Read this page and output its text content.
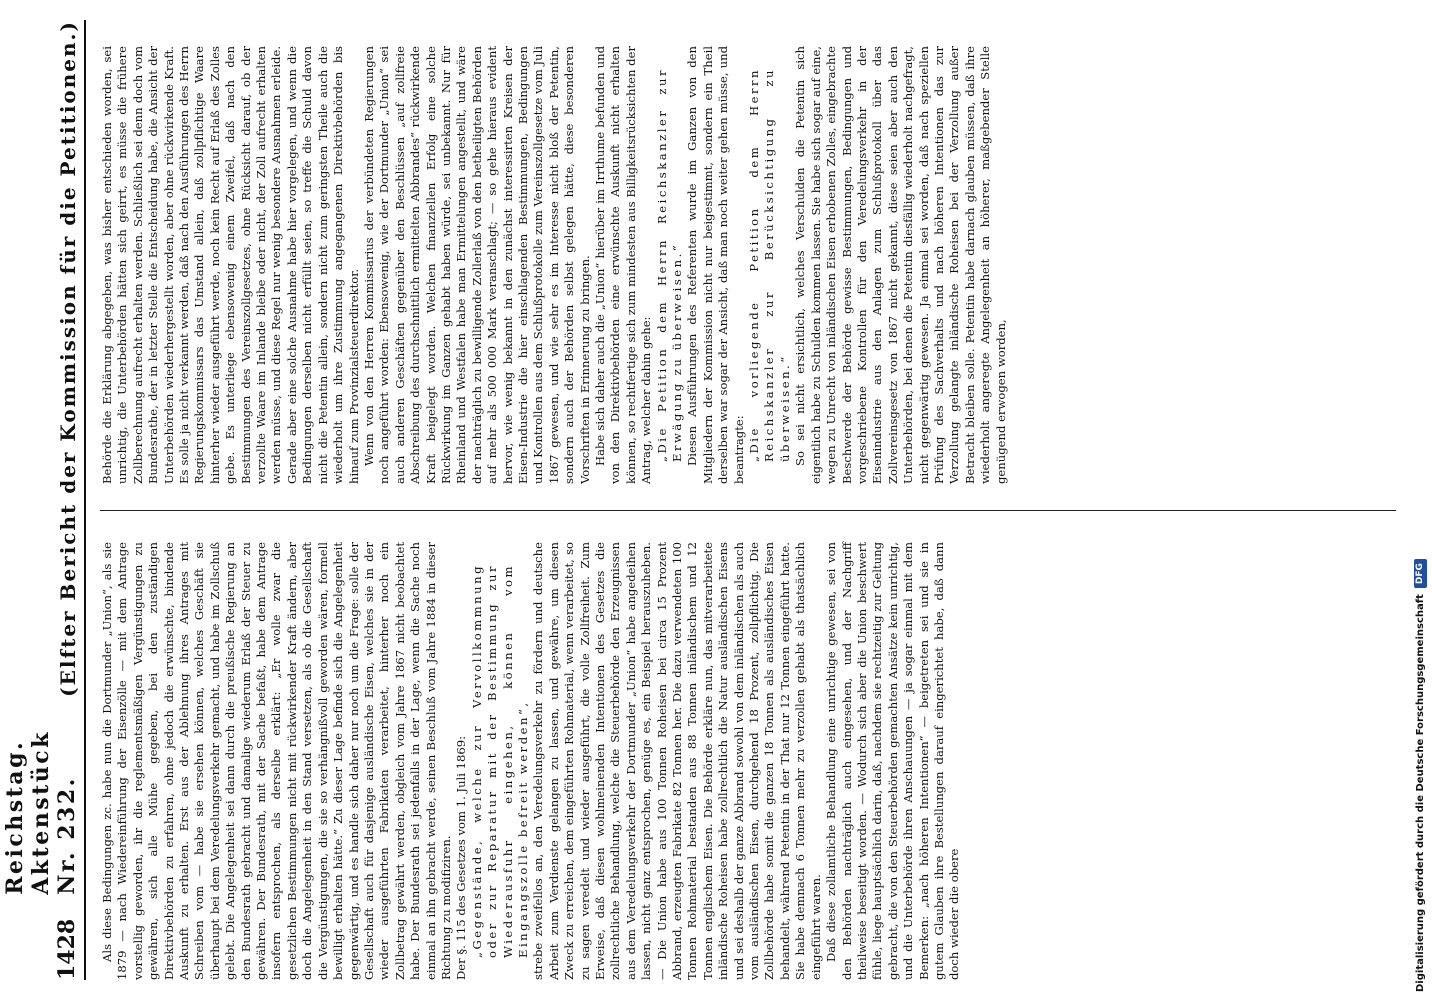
1428
Reichstag. Aktenstück Nr. 232.
(Elfter Bericht der Kommission für die Petitionen.)

Als diese Bedingungen zc. habe nun die Dortmunder „Union“, als sie 1879 — nach Wiedereinführung der Eisenzölle — mit dem Antrage vorstellig geworden, ihr die reglementsmäßigen Vergünstigungen zu gewähren, sich alle Mühe gegeben, bei den zuständigen Direktivbehörden zu erfahren, ohne jedoch die erwünschte, bindende Auskunft zu erhalten. Erst aus der Ablehnung ihres Antrages mit Schreiben vom — habe sie ersehen können, welches Geschäft sie überhaupt bei dem Veredelungsverkehr gemacht, und habe im Zollschuß gelebt. Die Angelegenheit sei dann durch die preußische Regierung an den Bundesrath gebracht und damalige wiederum Erlaß der Steuer zu gewähren. Der Bundesrath, mit der Sache befaßt, habe dem Antrage insofern entsprochen, als derselbe erklärt: „Er wolle zwar die gesetzlichen Bestimmungen nicht mit rückwirkender Kraft ändern, aber doch die Angelegenheit in den Stand versetzen, als ob die Gesellschaft die Vergünstigungen, die sie so verhängnißvoll geworden wären, formell bewilligt erhalten hätte.“ Zu dieser Lage befinde sich die Angelegenheit gegenwärtig, und es handle sich daher nur noch um die Frage: solle der Gesellschaft auch für dasjenige ausländische Eisen, welches sie in der wieder ausgeführten Fabrikaten verarbeitet, hinterher noch ein Zollbetrag gewährt werden, obgleich vom Jahre 1867 nicht beobachtet habe. Der Bundesrath sei jedenfalls in der Lage, wenn die Sache noch einmal an ihn gebracht werde, seinen Beschluß vom Jahre 1884 in dieser Richtung zu modifiziren. Der §. 115 des Gesetzes vom 1. Juli 1869: „Gegenstände, welche zur Vervollkommnung oder zur Reparatur mit der Bestimmung zur Wiederausfuhr eingehen, können vom Eingangszolle befreit werden“, strebe zweifellos an, den Veredelungsverkehr zu fördern und deutsche Arbeit zum Verdienste gelangen zu lassen, und gewähre, um diesen Zweck zu erreichen, dem eingeführten Rohmaterial, wenn verarbeitet, so zu sagen veredelt und wieder ausgeführt, die volle Zollfreiheit. Zum Erweise, daß diesen wohlmeinenden Intentionen des Gesetzes die zollrechtliche Behandlung, welche die Steuerbehörde den Erzeugnissen aus dem Veredelungsverkehr der Dortmunder „Union“ habe angedeihen lassen, nicht ganz entsprochen, genüge es, ein Beispiel herauszuheben. — Die Union habe aus 100 Tonnen Roheisen bei circa 15 Prozent Abbrand, erzeugten Fabrikate 82 Tonnen her. Die dazu verwendeten 100 Tonnen Rohmaterial bestanden aus 88 Tonnen inländischem und 12 Tonnen englischem Eisen. Die Behörde erkläre nun, das mitverarbeitete inländische Roheisen habe zollrechtlich die Natur ausländischen Eisens und sei deshalb der ganze Abbrand sowohl von dem inländischen als auch vom ausländischen Eisen, durchgehend 18 Prozent, zollpflichtig. Die Zollbehörde habe somit die ganzen 18 Tonnen als ausländisches Eisen behandelt, während Petentin in der That nur 12 Tonnen eingeführt hatte. Sie habe demnach 6 Tonnen mehr zu verzollen gehabt als thatsächlich eingeführt waren. Daß diese zollamtliche Behandlung eine unrichtige gewesen, sei von den Behörden nachträglich auch eingesehen, und der Nachgriff theilweise beseitigt worden. — Wodurch sich aber die Union beschwert fühle, liege hauptsächlich darin, daß, nachdem sie rechtzeitig zur Geltung gebracht, die von den Steuerbehörden gemachten Ansätze kein unrichtig, und die Unterbehörde ihren Anschauungen — ja sogar einmal mit dem Bemerken: „nach höheren Intentionen“ — beigetreten sei und sie in gutem Glauben ihre Bestellungen darauf eingerichtet habe, daß dann doch wieder die obere

Behörde die Erklärung abgegeben, was bisher entschieden worden, sei unrichtig, die Unterbehörden hätten sich geirrt, es müsse die frühere Zollberechnung aufrecht erhalten werden. Schließlich sei denn doch vom Bundesrathe, der in letzter Stelle die Entscheidung habe, die Ansicht der Unterbehörden wiederhergestellt worden, aber ohne rückwirkende Kraft. Es solle ja nicht verkannt werden, daß nach den Ausführungen des Herrn Regierungskommissars das Umstand allein, daß zollpflichtige Waare hinterher wieder ausgeführt werde, noch kein Recht auf Erlaß des Zolles gebe. Es unterliege ebensowenig einem Zweifel, daß nach den Bestimmungen des Vereinszollgesetzes, ohne Rücksicht darauf, ob der verzollte Waare im Inlande bleibe oder nicht, der Zoll aufrecht erhalten werden müsse, und diese Regel nur wenig besondere Ausnahmen erleide. Gerade aber eine solche Ausnahme habe hier vorgelegen, und wenn die Bedingungen derselben nicht erfüllt seien, so treffe die Schuld davon nicht die Petentin allein, sondern nicht zum geringsten Theile auch die wiederholt um ihre Zustimmung angegangenen Direktivbehörden bis hinauf zum Provinzialsteuerdirektor. Wenn von den Herren Kommissarius der verbündeten Regierungen noch angeführt worden: Ebensowenig, wie der Dortmunder „Union“ sei auch anderen Geschäften gegenüber den Beschlüssen „auf zollfreie Abschreibung des durchschnittlich ermittelten Abbrandes“ rückwirkende Kraft beigelegt worden. Welchen finanziellen Erfolg eine solche Rückwirkung im Ganzen gehabt haben würde, sei unbekannt. Nur für Rheinland und Westfalen habe man Ermittelungen angestellt, und wäre der nachträglich zu bewilligende Zollerlaß von den betheiligten Behörden auf mehr als 500 000 Mark veranschlagt; — so gehe hieraus evident hervor, wie wenig bekannt in den zunächst interessirten Kreisen der Eisen-Industrie die hier einschlagenden Bestimmungen, Bedingungen und Kontrollen aus dem Schlußprotokolle zum Vereinszollgesetze vom Juli 1867 gewesen, und wie sehr es im Interesse nicht bloß der Petentin, sondern auch der Behörden selbst gelegen hätte, diese besonderen Vorschriften in Erinnerung zu bringen. Habe sich daher auch die „Union“ hierüber im Irrthume befunden und von den Direktivbehörden eine erwünschte Auskunft nicht erhalten können, so rechtfertige sich zum mindesten aus Billigkeitsrücksichten der Antrag, welcher dahin gehe: „Die Petition dem Herrn Reichskanzler zur Erwägung zu überweisen.“ Diesen Ausführungen des Referenten wurde im Ganzen von den Mitgliedern der Kommission nicht nur beigestimmt, sondern ein Theil derselben war sogar der Ansicht, daß man noch weiter gehen müsse, und beantragte: „Die vorliegende Petition dem Herrn Reichskanzler zur Berücksichtigung zu überweisen.“ So sei nicht ersichtlich, welches Verschulden die Petentin sich eigentlich habe zu Schulden kommen lassen. Sie habe sich sogar auf eine, wegen zu Unrecht von inländischen Eisen erhobenen Zolles, eingebrachte Beschwerde der Behörde gewisse Bestimmungen, Bedingungen und vorgeschriebene Kontrollen für den Veredelungsverkehr in der Eisenindustrie aus den Anlagen zum Schlußprotokoll über das Zollvereinsgesetz von 1867 nicht gekannt, diese seien aber auch den Unterbehörden, bei denen die Petentin diesfällig wiederholt nachgefragt, nicht gegenwärtig gewesen. Ja einmal sei worden, daß nach speziellen Prüfung des Sachverhalts und nach höheren Intentionen das zur Verzollung gelangte inländische Roheisen bei der Verzollung außer Betracht bleiben solle. Petentin habe darnach glauben müssen, daß ihre wiederholt angeregte Angelegenheit an höherer, maßgebender Stelle genügend erwogen worden,

Digitalisierung gefördert durch die Deutsche Forschungsgemeinschaft
DFG
